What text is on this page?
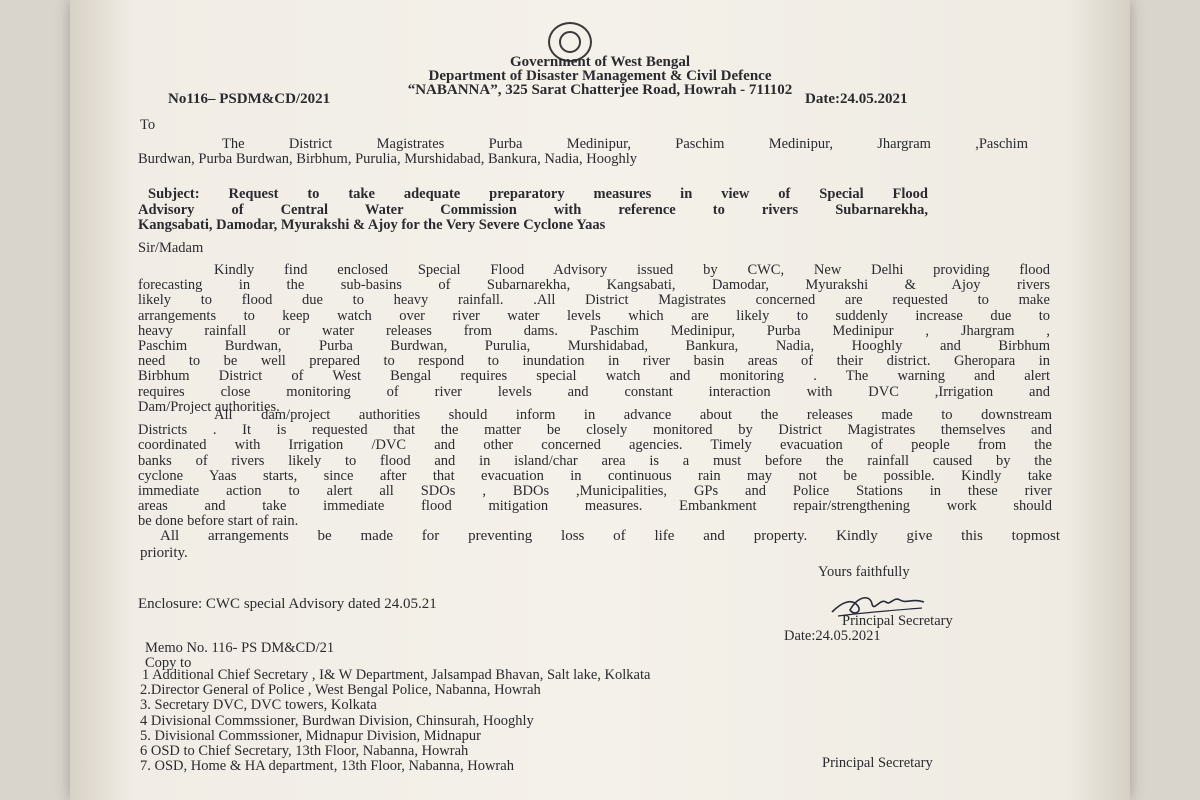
Government of West Bengal
Department of Disaster Management & Civil Defence
“NABANNA”, 325 Sarat Chatterjee Road, Howrah - 711102
No116– PSDM&CD/2021	Date:24.05.2021
To
The District Magistrates Purba Medinipur, Paschim Medinipur, Jhargram ,Paschim
Burdwan, Purba Burdwan, Birbhum, Purulia, Murshidabad, Bankura, Nadia, Hooghly
Subject: Request to take adequate preparatory measures in view of Special Flood
Advisory of Central Water Commission with reference to rivers Subarnarekha,
Kangsabati, Damodar, Myurakshi & Ajoy for the Very Severe Cyclone Yaas
Sir/Madam
Kindly find enclosed Special Flood Advisory issued by CWC, New Delhi providing flood
forecasting in the sub-basins of Subarnarekha, Kangsabati, Damodar, Myurakshi & Ajoy rivers
likely to flood due to heavy rainfall. .All District Magistrates concerned are requested to make
arrangements to keep watch over river water levels which are likely to suddenly increase due to
heavy rainfall or water releases from dams. Paschim Medinipur, Purba Medinipur , Jhargram ,
Paschim Burdwan, Purba Burdwan, Purulia, Murshidabad, Bankura, Nadia, Hooghly and Birbhum
need to be well prepared to respond to inundation in river basin areas of their district. Gheropara in
Birbhum District of West Bengal requires special watch and monitoring . The warning and alert
requires close monitoring of river levels and constant interaction with DVC ,Irrigation and
Dam/Project authorities.
All dam/project authorities should inform in advance about the releases made to downstream
Districts . It is requested that the matter be closely monitored by District Magistrates themselves and
coordinated with Irrigation /DVC and other concerned agencies. Timely evacuation of people from the
banks of rivers likely to flood and in island/char area is a must before the rainfall caused by the
cyclone Yaas starts, since after that evacuation in continuous rain may not be possible. Kindly take
immediate action to alert all SDOs , BDOs ,Municipalities, GPs and Police Stations in these river
areas and take immediate flood mitigation measures. Embankment repair/strengthening work should
be done before start of rain.
All arrangements be made for preventing loss of life and property. Kindly give this topmost
priority.
Yours faithfully
Enclosure: CWC special Advisory dated 24.05.21
Principal Secretary
Date:24.05.2021
Memo No. 116- PS DM&CD/21
Copy to
1 Additional Chief Secretary , I& W Department, Jalsampad Bhavan, Salt lake, Kolkata
2.Director General of Police , West Bengal Police, Nabanna, Howrah
3. Secretary DVC, DVC towers, Kolkata
4 Divisional Commssioner, Burdwan Division, Chinsurah, Hooghly
5. Divisional Commssioner, Midnapur Division, Midnapur
6 OSD to Chief Secretary, 13th Floor, Nabanna, Howrah
7. OSD, Home & HA department, 13th Floor, Nabanna, Howrah	Principal Secretary
